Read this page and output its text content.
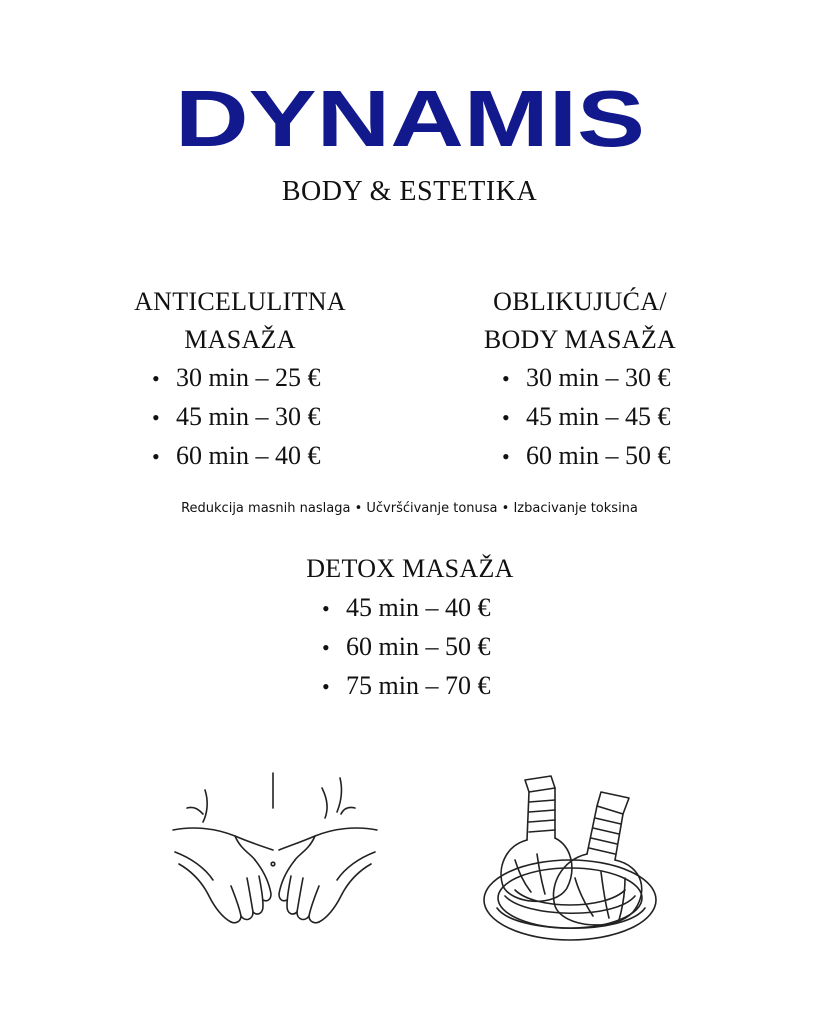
DYNAMIS
BODY & ESTETIKA
ANTICELULITNA
MASAŽA
• 30 min – 25 €
• 45 min – 30 €
• 60 min – 40 €
OBLIKUJUĆA/
BODY MASAŽA
• 30 min – 30 €
• 45 min – 45 €
• 60 min – 50 €
Redukcija masnih naslaga • Učvršćivanje tonusa • Izbacivanje toksina
DETOX MASAŽA
• 45 min – 40 €
• 60 min – 50 €
• 75 min – 70 €
